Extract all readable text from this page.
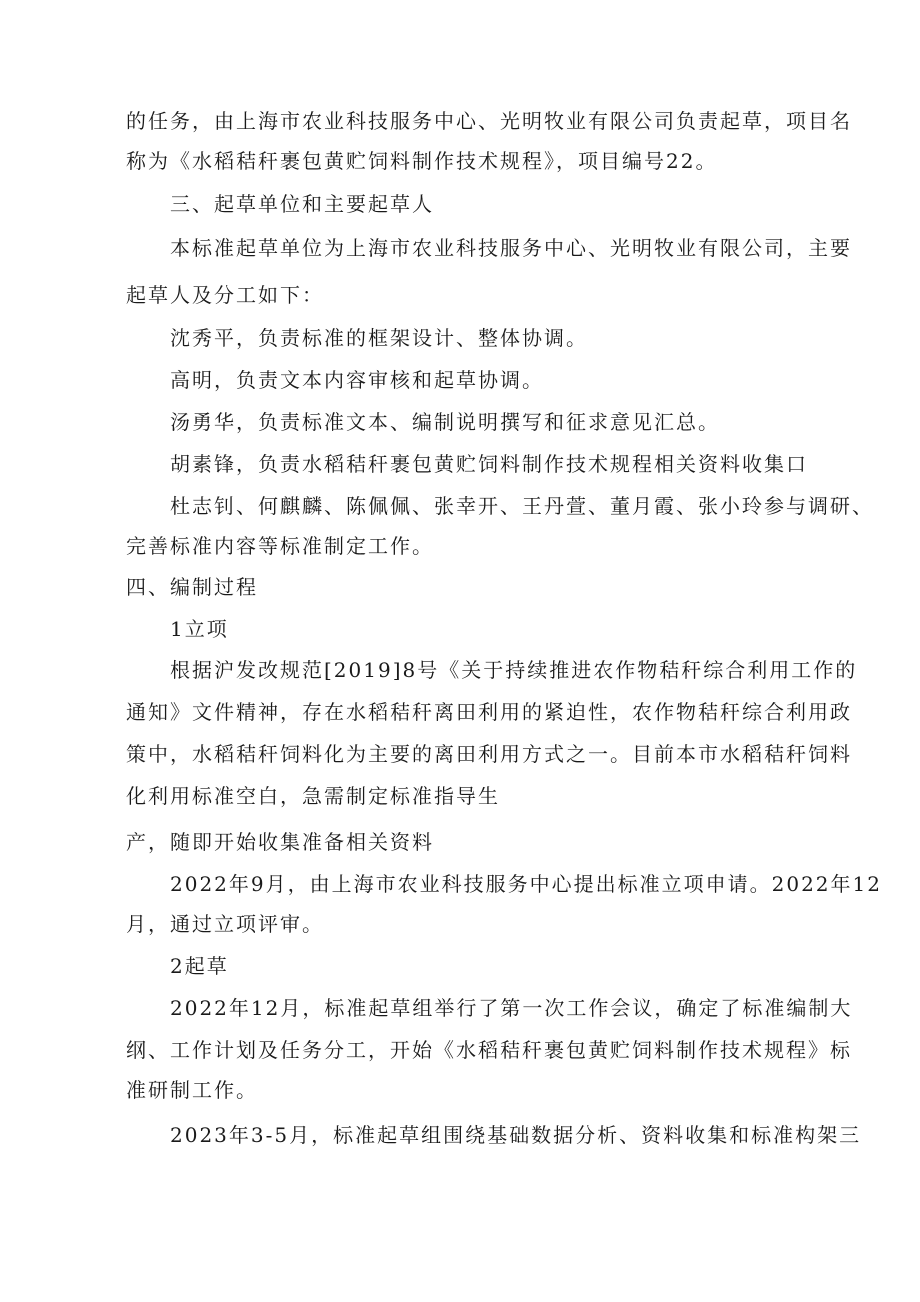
的任务，由上海市农业科技服务中心、光明牧业有限公司负责起草，项目名
称为《水稻秸秆裹包黄贮饲料制作技术规程》，项目编号22。
三、起草单位和主要起草人
本标准起草单位为上海市农业科技服务中心、光明牧业有限公司，主要
起草人及分工如下：
沈秀平，负责标准的框架设计、整体协调。
高明，负责文本内容审核和起草协调。
汤勇华，负责标准文本、编制说明撰写和征求意见汇总。
胡素锋，负责水稻秸秆裹包黄贮饲料制作技术规程相关资料收集口
杜志钊、何麒麟、陈佩佩、张幸开、王丹萱、董月霞、张小玲参与调研、
完善标准内容等标准制定工作。
四、编制过程
1立项
根据沪发改规范[2019]8号《关于持续推进农作物秸秆综合利用工作的
通知》文件精神，存在水稻秸秆离田利用的紧迫性，农作物秸秆综合利用政
策中，水稻秸秆饲料化为主要的离田利用方式之一。目前本市水稻秸秆饲料
化利用标准空白，急需制定标准指导生
产，随即开始收集准备相关资料
2022年9月，由上海市农业科技服务中心提出标准立项申请。2022年12
月，通过立项评审。
2起草
2022年12月，标准起草组举行了第一次工作会议，确定了标准编制大
纲、工作计划及任务分工，开始《水稻秸秆裹包黄贮饲料制作技术规程》标
准研制工作。
2023年3-5月，标准起草组围绕基础数据分析、资料收集和标准构架三
